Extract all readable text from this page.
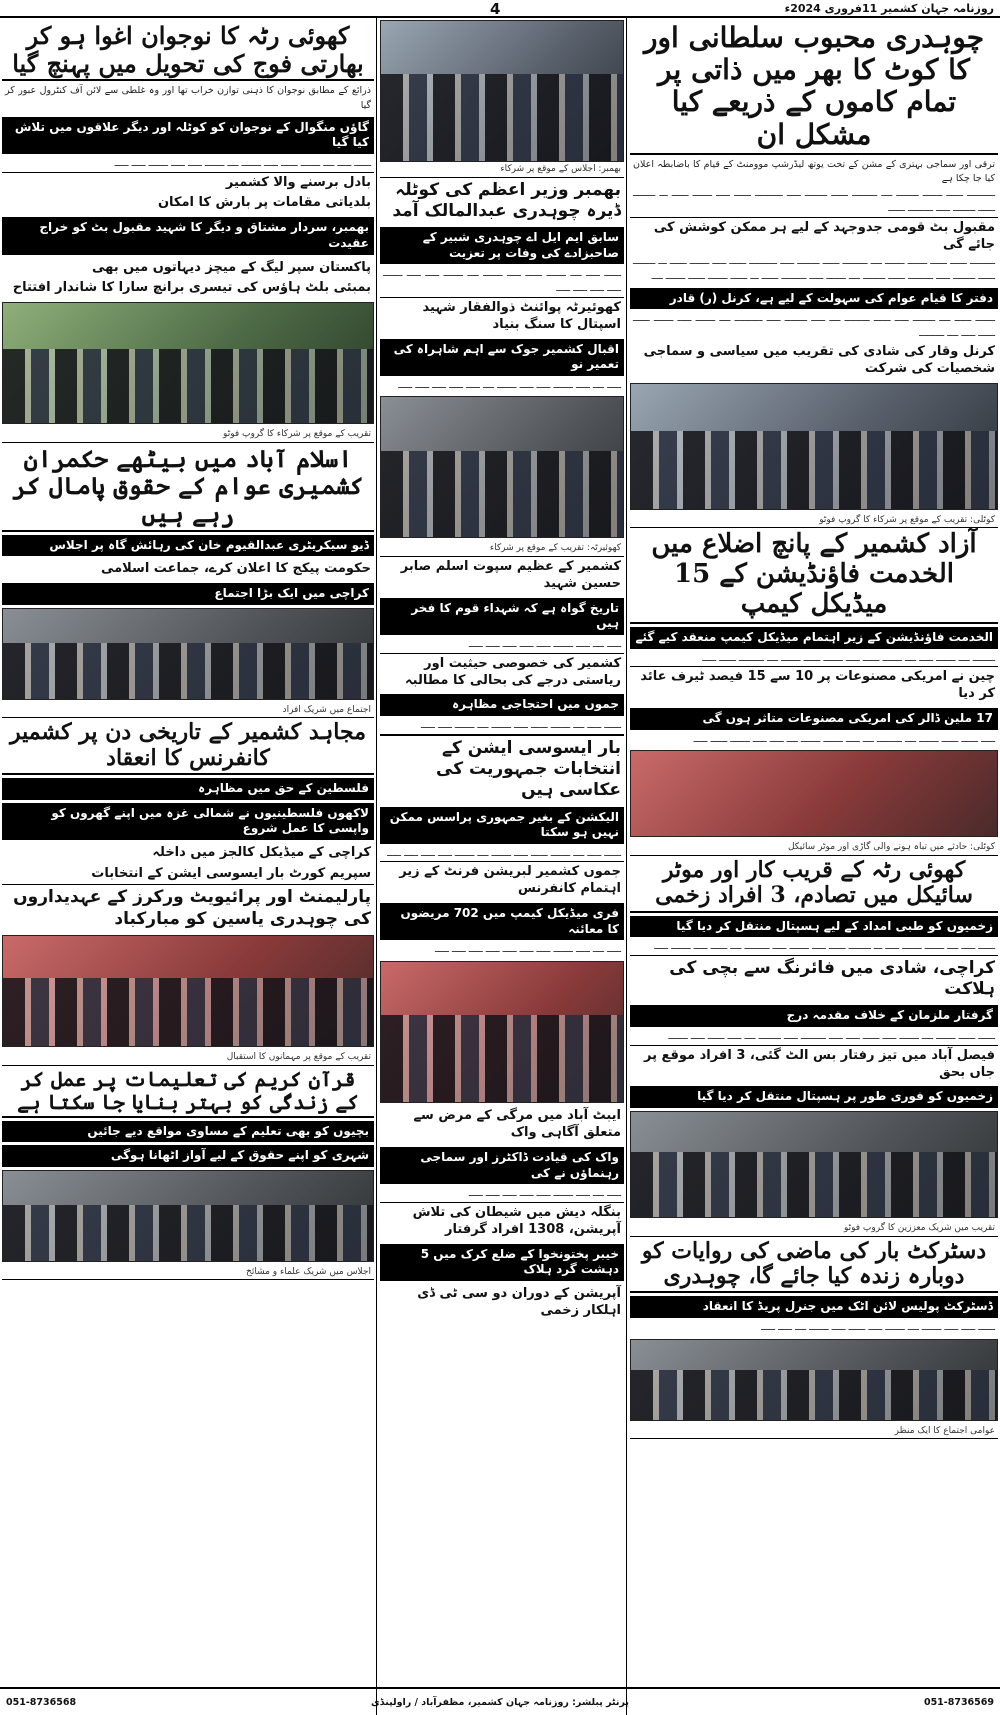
روزنامہ جہان کشمیر 11فروری 2024ء
4
چوہدری محبوب سلطانی اور کا کوٹ کا بھر میں ذاتی پر تمام کاموں کے ذریعے کیا مشکل ان
ترقی اور سماجی بہتری کے مشن کے تحت یوتھ لیڈرشپ موومنٹ کے قیام کا باضابطہ اعلان کیا جا چکا ہے
ــــــــــ ــــــ ـــــــ ــــــــ ــــ ـــــــــ ــــــ ــــــــ ـــــ ــــــــــ ــــــ ـــــ ـــــــ ــــــ ـــ ــــــــ ــــــ ــــــــ ـــــ ـــــــــ ــــــ
مقبول بٹ قومی جدوجہد کے لیے ہر ممکن کوشش کی جائے گی
ـــــــــ ــــــ ــــــ ـــــــ ـــــــ ــــ ـــــــــ ــــــ ــــــــ ـــــ ــــــــــ ــــــ ـــــ ـــــــ ــــــ ـــ ــــــــ ــــــ ــــــــ ـــــ ـــــــــ ــــــ ــــــــ ــــ ـــــــ ـــــ ـــــــــ ــــــ ـــ ــــــ ـــــــ ــــــ ـــــــ ــــ
دفتر کا قیام عوام کی سہولت کے لیے ہے، کرنل (ر) قادر
ـــــــ ــــــ ــــ ــــــــ ـــــ ــــــ ـــــــــ ــــ ـــــ ــــــــ ـــــ ــــــــــ ــــ ـــــــ ـــــ ـــــــ ــــــ ــــــ ـــــ ــــ ـــــــــ
کرنل وقار کی شادی کی تقریب میں سیاسی و سماجی شخصیات کی شرکت
کوٹلی: تقریب کے موقع پر شرکاء کا گروپ فوٹو
آزاد کشمیر کے پانچ اضلاع میں الخدمت فاؤنڈیشن کے 15 میڈیکل کیمپ
الخدمت فاؤنڈیشن کے زیر اہتمام میڈیکل کیمپ منعقد کیے گئے
ــــــــ ــــ ـــــــ ـــــ ــــ ـــــــ ــــــ ـــــ ـــــــ ــــــ ـــــــ ــــ ـــــــــ ــــــ ـــــ
چین نے امریکی مصنوعات پر 10 سے 15 فیصد ٹیرف عائد کر دیا
17 ملین ڈالر کی امریکی مصنوعات متاثر ہوں گی
ـــــ ــــــ ــــــ ـــــــ ــــ ـــــــــ ــــ ـــــ ـــــــ ـــــــ ــــ ـــــ ـــــ ـــــــ ــــــ ـــــ
کوٹلی: حادثے میں تباہ ہونے والی گاڑی اور موٹر سائیکل
کھوئی رٹہ کے قریب کار اور موٹر سائیکل میں تصادم، 3 افراد زخمی
زخمیوں کو طبی امداد کے لیے ہسپتال منتقل کر دیا گیا
ــــــ ـــــ ــــ ـــــــ ـــــــ ـــــ ـــ ــــــــ ــــــ ـــــ ـــــــ ـــــ ـــــــــ ــــ ــــــ ـــــ ـــــــ ـــــ
کراچی، شادی میں فائرنگ سے بچی کی ہلاکت
گرفتار ملزمان کے خلاف مقدمہ درج
ــــــ ــــــ ـــــــ ــــ ـــــــ ـــــ ــــــ ـــــ ـــــ ـــــــــ ـــــ ــــــــ ــــ ـــــ ــــــ ـــــ ـــــــ
فیصل آباد میں تیز رفتار بس الٹ گئی، 3 افراد موقع پر جاں بحق
زخمیوں کو فوری طور پر ہسپتال منتقل کر دیا گیا
تقریب میں شریک معززین کا گروپ فوٹو
دسٹرکٹ بار کی ماضی کی روایات کو دوبارہ زندہ کیا جائے گا، چوہدری
ڈسٹرکٹ پولیس لائن اٹک میں جنرل پریڈ کا انعقاد
ــــــ ـــــ ـــــ ـــــــ ــــ ـــــــ ـــــ ــــــ ـــــ ـــــــ ــــ ـــــ ـــــ
عوامی اجتماع کا ایک منظر
بھمبر: اجلاس کے موقع پر شرکاء
بھمبر وزیر اعظم کی کوٹلہ ڈیرہ چوہدری عبدالمالک آمد
سابق ایم ایل اے چوہدری شبیر کے صاحبزادے کی وفات پر تعزیت
ــــــ ـــــ ــــ ـــــــ ــــــ ـــــ ـــــــ ــــ ـــــــ ـــــ ـــــ ـــــــ ـــــ ـــــ ـــــ ـــــ
کھوئیرٹہ پوائنٹ ذوالفقار شہید اسپتال کا سنگ بنیاد
اقبال کشمیر جوک سے اہم شاہراہ کی تعمیر نو
ـــــ ــــ ـــــ ـــــــ ـــــ ـــــ ـــــــ ــــ ـــــ ـــــ ـــــ ـــــ ـــــ
کھوئیرٹہ: تقریب کے موقع پر شرکاء
کشمیر کے عظیم سپوت اسلم صابر حسین شہید
تاریخ گواہ ہے کہ شہداء قوم کا فخر ہیں
ـــــ ــــ ـــــ ـــــــ ـــــ ـــــ ـــــ ـــــ ـــــ
کشمیر کی خصوصی حیثیت اور ریاستی درجے کی بحالی کا مطالبہ
جموں میں احتجاجی مظاہرہ
ــــــ ـــــ ــــ ـــــــ ــــــ ـــــ ـــــــ ــــ ـــــــ ـــــ ـــــ
بار ایسوسی ایشن کے انتخابات جمہوریت کی عکاسی ہیں
الیکشن کے بغیر جمہوری پراسس ممکن نہیں ہو سکتا
ــــــ ـــــ ــــ ـــــــ ــــــ ـــــ ـــــــ ــــ ـــــــ ـــــ ـــــ ـــــ ـــــ
جموں کشمیر لبریشن فرنٹ کے زیر اہتمام کانفرنس
فری میڈیکل کیمپ میں 702 مریضوں کا معائنہ
ـــــ ــــ ـــــ ـــــــ ـــــ ـــــ ـــــ ـــــ ـــــ ـــــ ـــــ
ایبٹ آباد میں مرگی کے مرض سے متعلق آگاہی واک
واک کی قیادت ڈاکٹرز اور سماجی رہنماؤں نے کی
ـــــ ــــ ـــــ ـــــــ ـــــ ـــــ ـــــ ـــــ ـــــ
بنگلہ دیش میں شیطان کی تلاش آپریشن، 1308 افراد گرفتار
خیبر پختونخوا کے ضلع کرک میں 5 دہشت گرد ہلاک
آپریشن کے دوران دو سی ٹی ڈی اہلکار زخمی
کھوئی رٹہ کا نوجوان اغوا ہو کر بھارتی فوج کی تحویل میں پہنچ گیا
ذرائع کے مطابق نوجوان کا ذہنی توازن خراب تھا اور وہ غلطی سے لائن آف کنٹرول عبور کر گیا
گاؤں منگوال کے نوجوان کو کوٹلہ اور دیگر علاقوں میں تلاش کیا گیا
ــــــ ـــــ ــــ ـــــــ ــــــ ـــــ ـــــــ ــــ ـــــــ ـــــ ـــــ ـــــــ ـــــ ـــــ
بادل برسنے والا کشمیر
بلدیاتی مقامات پر بارش کا امکان
بھمبر، سردار مشتاق و دیگر کا شہید مقبول بٹ کو خراج عقیدت
پاکستان سپر لیگ کے میچز دیہاتوں میں بھی
بمبئی بلٹ ہاؤس کی تیسری برانچ سارا کا شاندار افتتاح
تقریب کے موقع پر شرکاء کا گروپ فوٹو
اسلام آباد میں بیٹھے حکمران کشمیری عوام کے حقوق پامال کر رہے ہیں
ڈیو سیکریٹری عبدالقیوم خان کی رہائش گاہ پر اجلاس
حکومت پیکج کا اعلان کرے، جماعت اسلامی
کراچی میں ایک بڑا اجتماع
اجتماع میں شریک افراد
مجاہد کشمیر کے تاریخی دن پر کشمیر کانفرنس کا انعقاد
فلسطین کے حق میں مظاہرہ
لاکھوں فلسطینیوں نے شمالی غزہ میں اپنے گھروں کو واپسی کا عمل شروع
کراچی کے میڈیکل کالجز میں داخلہ
سپریم کورٹ بار ایسوسی ایشن کے انتخابات
پارلیمنٹ اور پرائیویٹ ورکرز کے عہدیداروں کی چوہدری یاسین کو مبارکباد
تقریب کے موقع پر مہمانوں کا استقبال
قرآن کریم کی تعلیمات پر عمل کر کے زندگی کو بہتر بنایا جا سکتا ہے
بچیوں کو بھی تعلیم کے مساوی مواقع دیے جائیں
شہری کو اپنے حقوق کے لیے آواز اٹھانا ہوگی
اجلاس میں شریک علماء و مشائخ
051-8736569
پرنٹر پبلشر: روزنامہ جہان کشمیر، مظفرآباد / راولپنڈی
051-8736568
